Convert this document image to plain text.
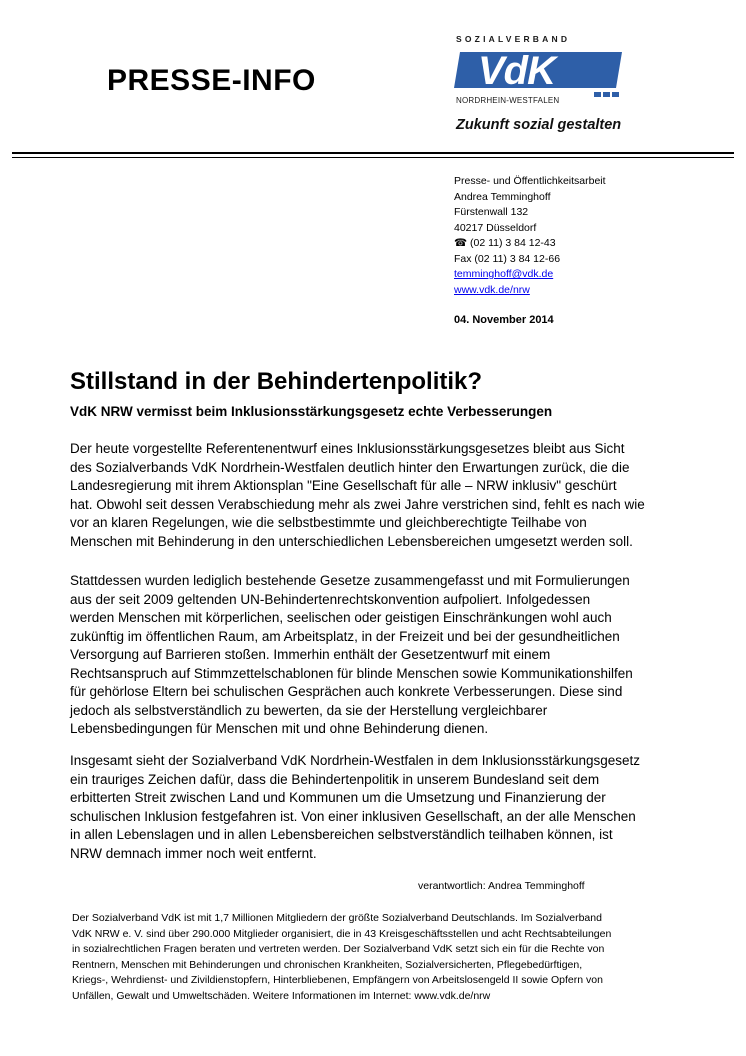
PRESSE-INFO
SOZIALVERBAND
VdK
NORDRHEIN-WESTFALEN
Zukunft sozial gestalten
Presse- und Öffentlichkeitsarbeit
Andrea Temminghoff
Fürstenwall 132
40217 Düsseldorf
☎ (02 11) 3 84 12-43
Fax (02 11) 3 84 12-66
temminghoff@vdk.de
www.vdk.de/nrw
04. November 2014
Stillstand in der Behindertenpolitik?
VdK NRW vermisst beim Inklusionsstärkungsgesetz echte Verbesserungen
Der heute vorgestellte Referentenentwurf eines Inklusionsstärkungsgesetzes bleibt aus Sicht
des Sozialverbands VdK Nordrhein-Westfalen deutlich hinter den Erwartungen zurück, die die
Landesregierung mit ihrem Aktionsplan "Eine Gesellschaft für alle – NRW inklusiv" geschürt
hat. Obwohl seit dessen Verabschiedung mehr als zwei Jahre verstrichen sind, fehlt es nach wie
vor an klaren Regelungen, wie die selbstbestimmte und gleichberechtigte Teilhabe von
Menschen mit Behinderung in den unterschiedlichen Lebensbereichen umgesetzt werden soll.
Stattdessen wurden lediglich bestehende Gesetze zusammengefasst und mit Formulierungen
aus der seit 2009 geltenden UN-Behindertenrechtskonvention aufpoliert. Infolgedessen
werden Menschen mit körperlichen, seelischen oder geistigen Einschränkungen wohl auch
zukünftig im öffentlichen Raum, am Arbeitsplatz, in der Freizeit und bei der gesundheitlichen
Versorgung auf Barrieren stoßen. Immerhin enthält der Gesetzentwurf mit einem
Rechtsanspruch auf Stimmzettelschablonen für blinde Menschen sowie Kommunikationshilfen
für gehörlose Eltern bei schulischen Gesprächen auch konkrete Verbesserungen. Diese sind
jedoch als selbstverständlich zu bewerten, da sie der Herstellung vergleichbarer
Lebensbedingungen für Menschen mit und ohne Behinderung dienen.
Insgesamt sieht der Sozialverband VdK Nordrhein-Westfalen in dem Inklusionsstärkungsgesetz
ein trauriges Zeichen dafür, dass die Behindertenpolitik in unserem Bundesland seit dem
erbitterten Streit zwischen Land und Kommunen um die Umsetzung und Finanzierung der
schulischen Inklusion festgefahren ist. Von einer inklusiven Gesellschaft, an der alle Menschen
in allen Lebenslagen und in allen Lebensbereichen selbstverständlich teilhaben können, ist
NRW demnach immer noch weit entfernt.
verantwortlich: Andrea Temminghoff
Der Sozialverband VdK ist mit 1,7 Millionen Mitgliedern der größte Sozialverband Deutschlands. Im Sozialverband
VdK NRW e. V. sind über 290.000 Mitglieder organisiert, die in 43 Kreisgeschäftsstellen und acht Rechtsabteilungen
in sozialrechtlichen Fragen beraten und vertreten werden. Der Sozialverband VdK setzt sich ein für die Rechte von
Rentnern, Menschen mit Behinderungen und chronischen Krankheiten, Sozialversicherten, Pflegebedürftigen,
Kriegs-, Wehrdienst- und Zivildienstopfern, Hinterbliebenen, Empfängern von Arbeitslosengeld II sowie Opfern von
Unfällen, Gewalt und Umweltschäden. Weitere Informationen im Internet: www.vdk.de/nrw
